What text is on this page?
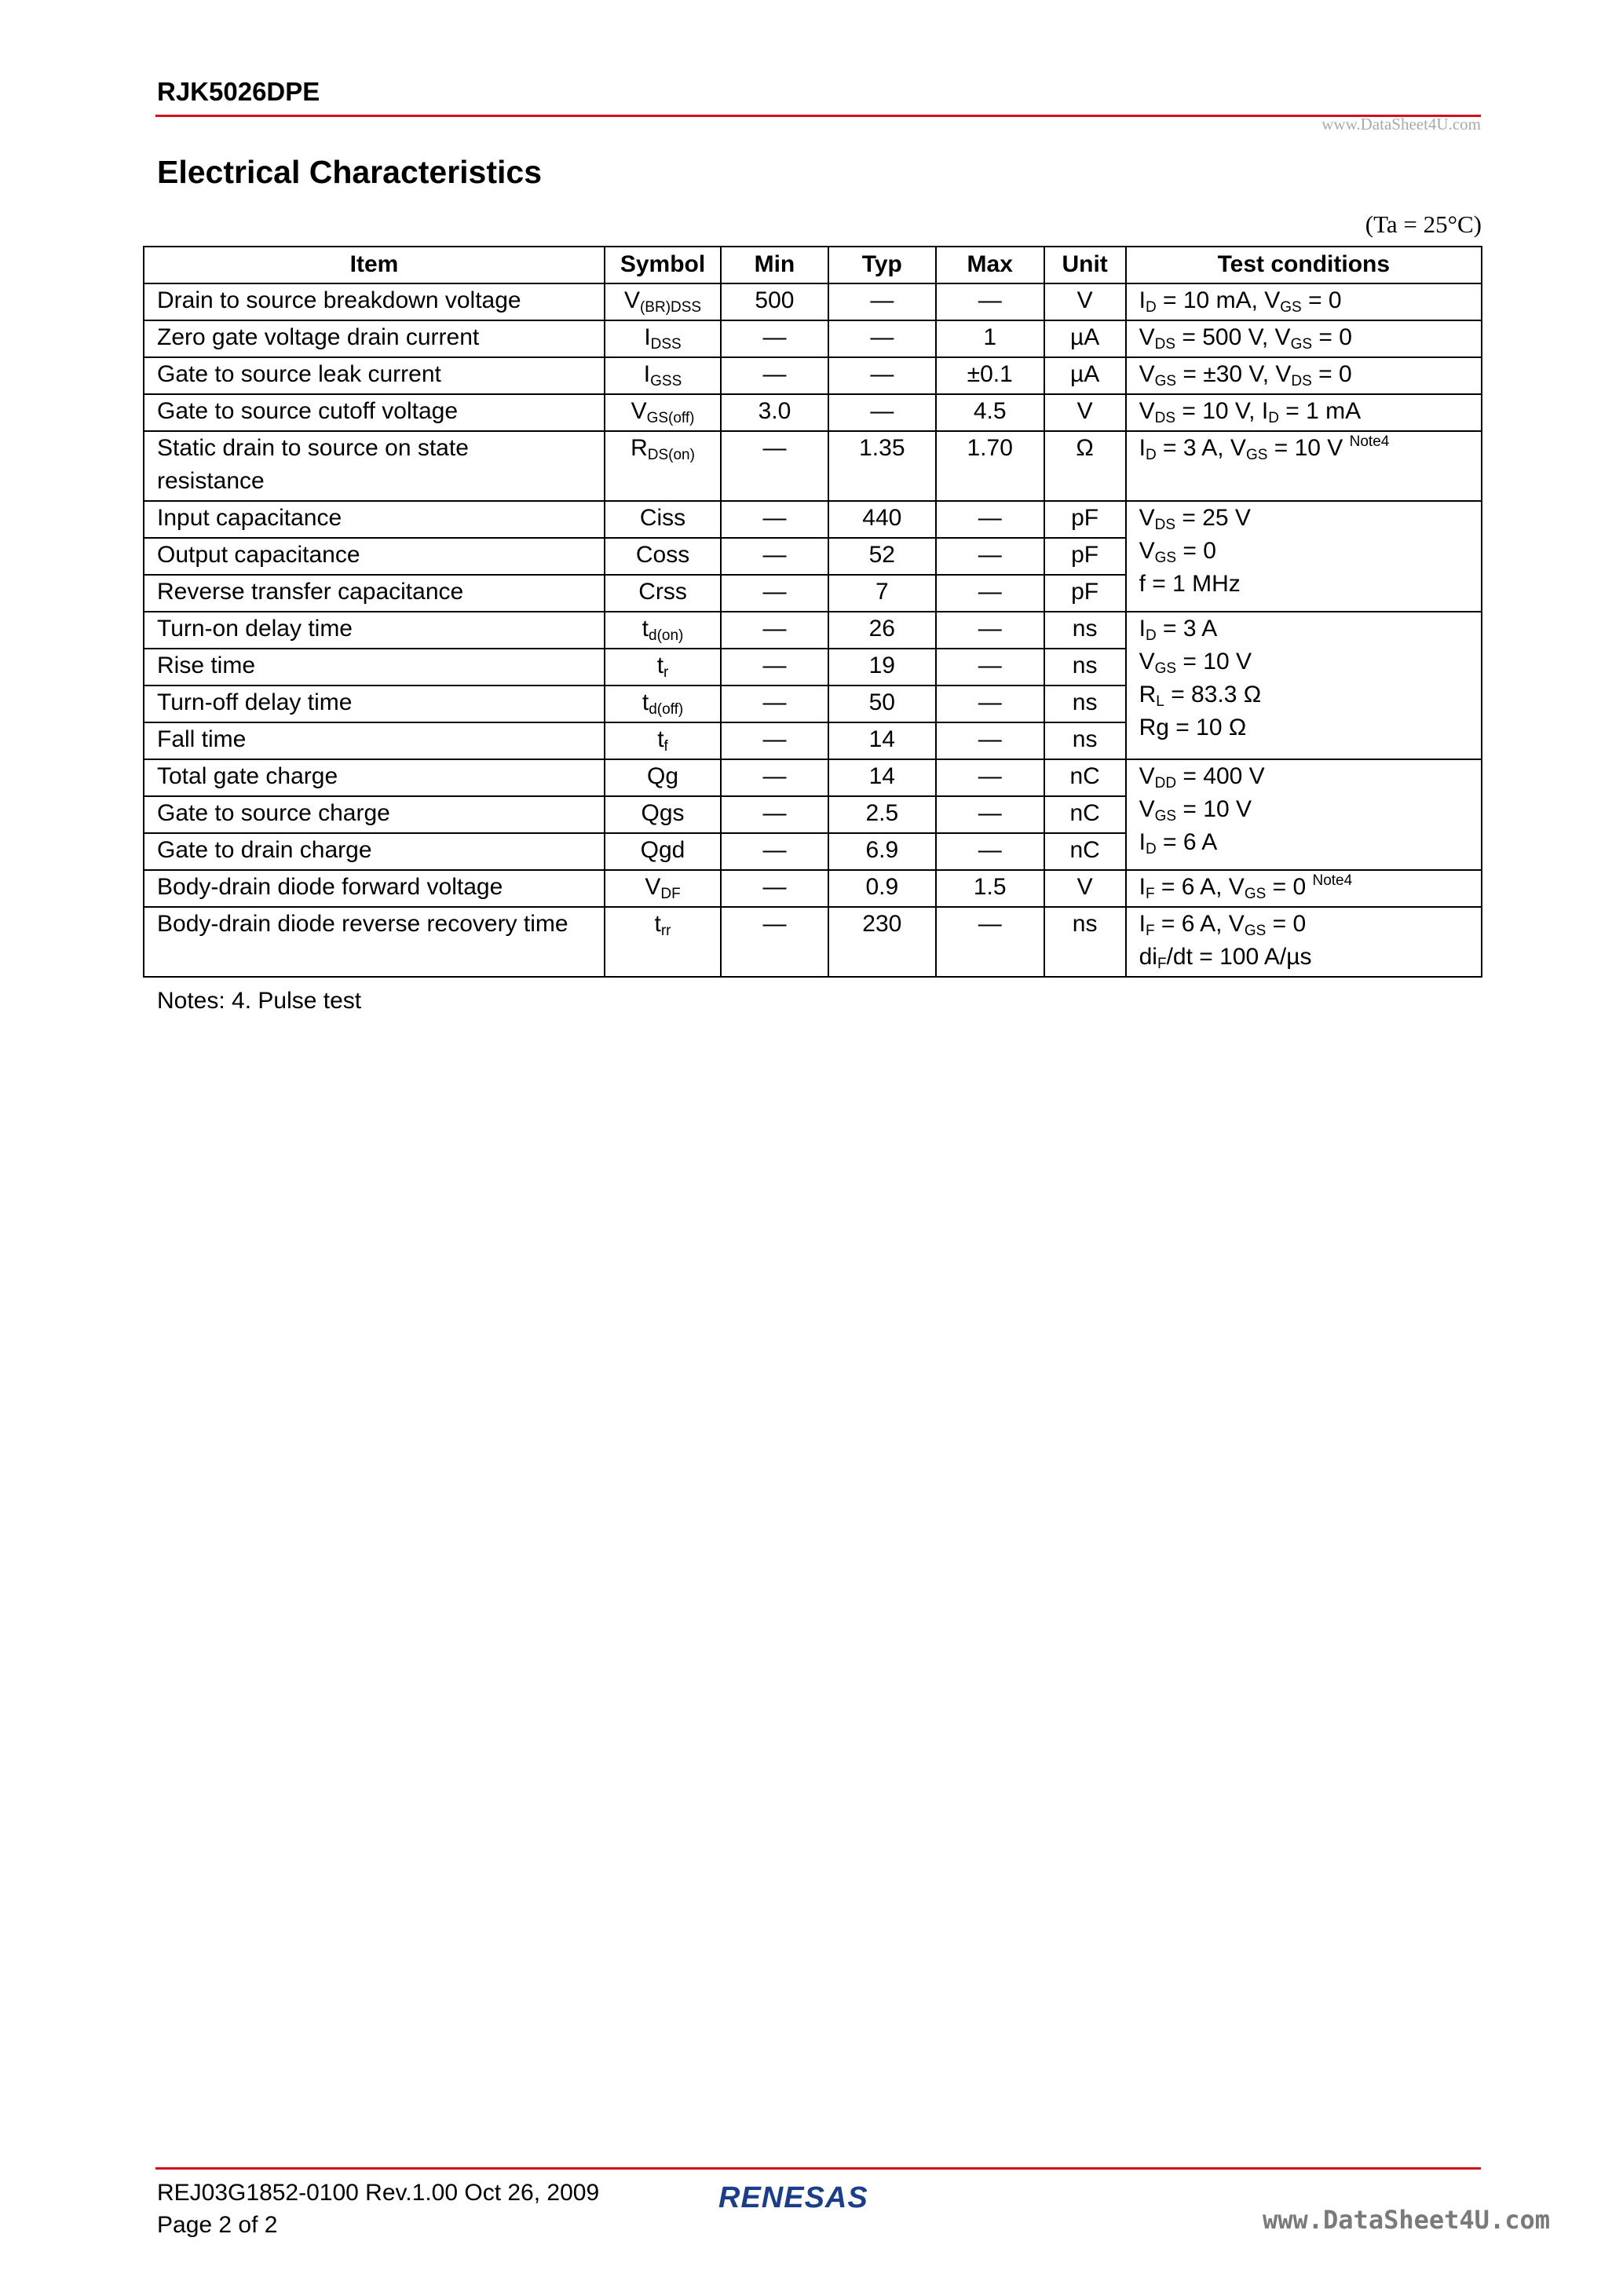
RJK5026DPE
www.DataSheet4U.com
Electrical Characteristics
(Ta = 25°C)
Item	Symbol	Min	Typ	Max	Unit	Test conditions
Drain to source breakdown voltage	$V_{(BR)DSS}$	500	—	—	V	$I_D = 10$ mA, $V_{GS} = 0$
Zero gate voltage drain current	$I_{DSS}$	—	—	1	µA	$V_{DS} = 500$ V, $V_{GS} = 0$
Gate to source leak current	$I_{GSS}$	—	—	±0.1	µA	$V_{GS} = \pm 30$ V, $V_{DS} = 0$
Gate to source cutoff voltage	$V_{GS(off)}$	3.0	—	4.5	V	$V_{DS} = 10$ V, $I_D = 1$ mA
Static drain to source on state
resistance	$R_{DS(on)}$	—	1.35	1.70	Ω	$I_D = 3$ A, $V_{GS} = 10$ V $^{Note4}$
Input capacitance	Ciss	—	440	—	pF	$V_{DS} = 25$ V
$V_{GS} = 0$
f = 1 MHz
Output capacitance	Coss	—	52	—	pF	
Reverse transfer capacitance	Crss	—	7	—	pF	
Turn-on delay time	$t_{d(on)}$	—	26	—	ns	$I_D = 3$ A
$V_{GS} = 10$ V
$R_L = 83.3$ Ω
Rg = 10 Ω
Rise time	$t_r$	—	19	—	ns	
Turn-off delay time	$t_{d(off)}$	—	50	—	ns	
Fall time	$t_f$	—	14	—	ns	
Total gate charge	Qg	—	14	—	nC	$V_{DD} = 400$ V
$V_{GS} = 10$ V
$I_D = 6$ A
Gate to source charge	Qgs	—	2.5	—	nC	
Gate to drain charge	Qgd	—	6.9	—	nC	
Body-drain diode forward voltage	$V_{DF}$	—	0.9	1.5	V	$I_F = 6$ A, $V_{GS} = 0$ $^{Note4}$
Body-drain diode reverse recovery time	$t_{rr}$	—	230	—	ns	$I_F = 6$ A, $V_{GS} = 0$
$di_F/dt = 100$ A/µs
Notes: 4. Pulse test
REJ03G1852-0100 Rev.1.00 Oct 26, 2009
Page 2 of 2
RENESAS
www.DataSheet4U.com
